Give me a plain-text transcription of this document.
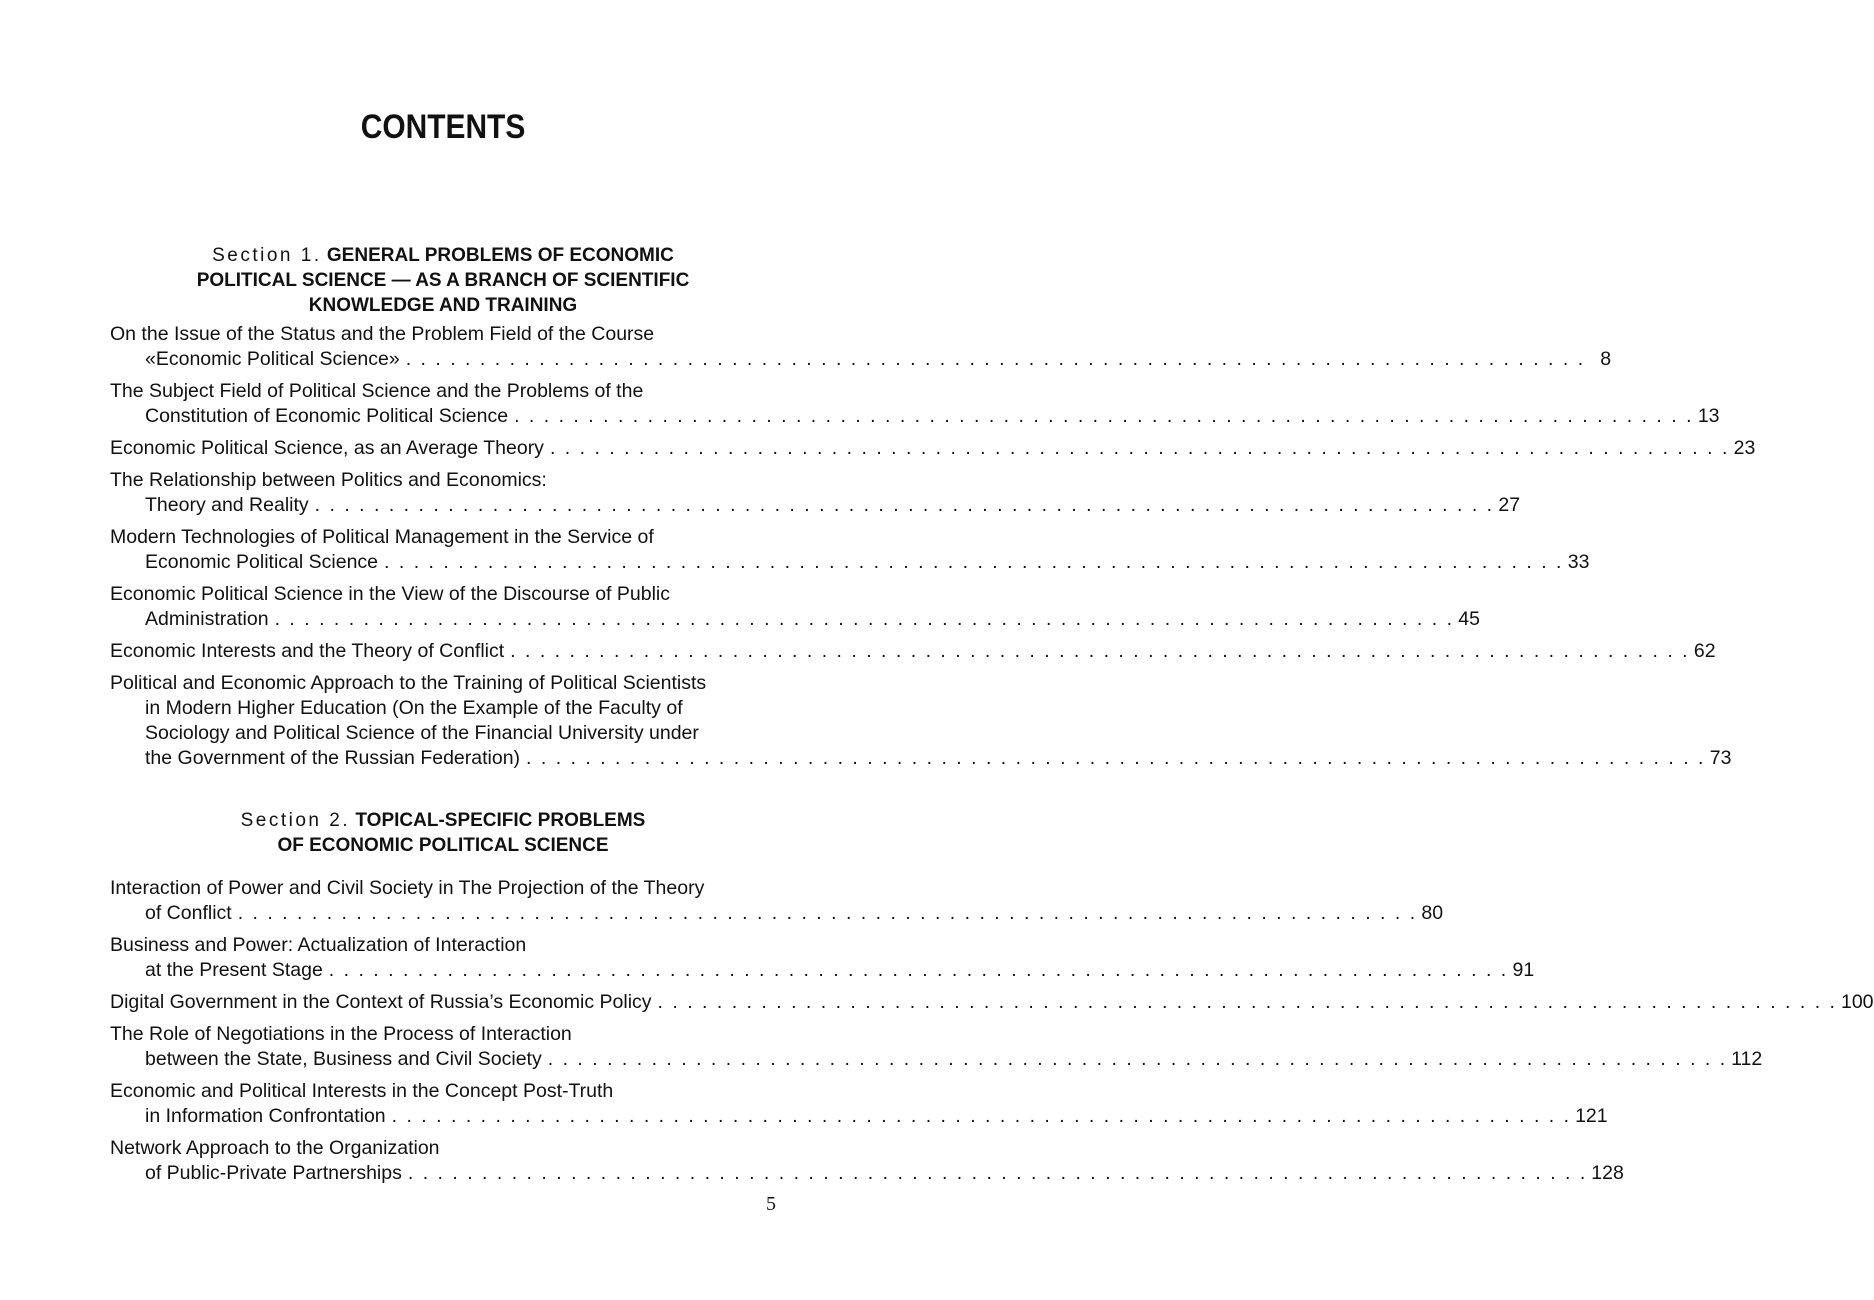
CONTENTS
Section 1. GENERAL PROBLEMS OF ECONOMIC
POLITICAL SCIENCE — AS A BRANCH OF SCIENTIFIC
KNOWLEDGE AND TRAINING
On the Issue of the Status and the Problem Field of the Course
«Economic Political Science» . . . . . . . . . . . . . . . . . . . . . . . . . . . . . . . . . . . . . . . . . . . . . . . . . . . . . . . . . . . . . . . . . . . . . . . . . . . . . . . . 8
The Subject Field of Political Science and the Problems of the
Constitution of Economic Political Science . . . . . . . . . . . . . . . . . . . . . . . . . . . . . . . . . . . . . . . . . . . . . . . . . . . . . . . . . . . . . . . . . . . . . . . . . . . . . . . . 13
Economic Political Science, as an Average Theory . . . . . . . . . . . . . . . . . . . . . . . . . . . . . . . . . . . . . . . . . . . . . . . . . . . . . . . . . . . . . . . . . . . . . . . . . . . . . . . . 23
The Relationship between Politics and Economics:
Theory and Reality . . . . . . . . . . . . . . . . . . . . . . . . . . . . . . . . . . . . . . . . . . . . . . . . . . . . . . . . . . . . . . . . . . . . . . . . . . . . . . . . 27
Modern Technologies of Political Management in the Service of
Economic Political Science . . . . . . . . . . . . . . . . . . . . . . . . . . . . . . . . . . . . . . . . . . . . . . . . . . . . . . . . . . . . . . . . . . . . . . . . . . . . . . . . 33
Economic Political Science in the View of the Discourse of Public
Administration . . . . . . . . . . . . . . . . . . . . . . . . . . . . . . . . . . . . . . . . . . . . . . . . . . . . . . . . . . . . . . . . . . . . . . . . . . . . . . . . 45
Economic Interests and the Theory of Conflict . . . . . . . . . . . . . . . . . . . . . . . . . . . . . . . . . . . . . . . . . . . . . . . . . . . . . . . . . . . . . . . . . . . . . . . . . . . . . . . . 62
Political and Economic Approach to the Training of Political Scientists
in Modern Higher Education (On the Example of the Faculty of
Sociology and Political Science of the Financial University under
the Government of the Russian Federation) . . . . . . . . . . . . . . . . . . . . . . . . . . . . . . . . . . . . . . . . . . . . . . . . . . . . . . . . . . . . . . . . . . . . . . . . . . . . . . . . 73
Section 2. TOPICAL-SPECIFIC PROBLEMS
OF ECONOMIC POLITICAL SCIENCE
Interaction of Power and Civil Society in The Projection of the Theory
of Conflict . . . . . . . . . . . . . . . . . . . . . . . . . . . . . . . . . . . . . . . . . . . . . . . . . . . . . . . . . . . . . . . . . . . . . . . . . . . . . . . . 80
Business and Power: Actualization of Interaction
at the Present Stage . . . . . . . . . . . . . . . . . . . . . . . . . . . . . . . . . . . . . . . . . . . . . . . . . . . . . . . . . . . . . . . . . . . . . . . . . . . . . . . . 91
Digital Government in the Context of Russia’s Economic Policy . . . . . . . . . . . . . . . . . . . . . . . . . . . . . . . . . . . . . . . . . . . . . . . . . . . . . . . . . . . . . . . . . . . . . . . . . . . . . . . . 100
The Role of Negotiations in the Process of Interaction
between the State, Business and Civil Society . . . . . . . . . . . . . . . . . . . . . . . . . . . . . . . . . . . . . . . . . . . . . . . . . . . . . . . . . . . . . . . . . . . . . . . . . . . . . . . . 112
Economic and Political Interests in the Concept Post-Truth
in Information Confrontation . . . . . . . . . . . . . . . . . . . . . . . . . . . . . . . . . . . . . . . . . . . . . . . . . . . . . . . . . . . . . . . . . . . . . . . . . . . . . . . . 121
Network Approach to the Organization
of Public-Private Partnerships . . . . . . . . . . . . . . . . . . . . . . . . . . . . . . . . . . . . . . . . . . . . . . . . . . . . . . . . . . . . . . . . . . . . . . . . . . . . . . . . 128
5
